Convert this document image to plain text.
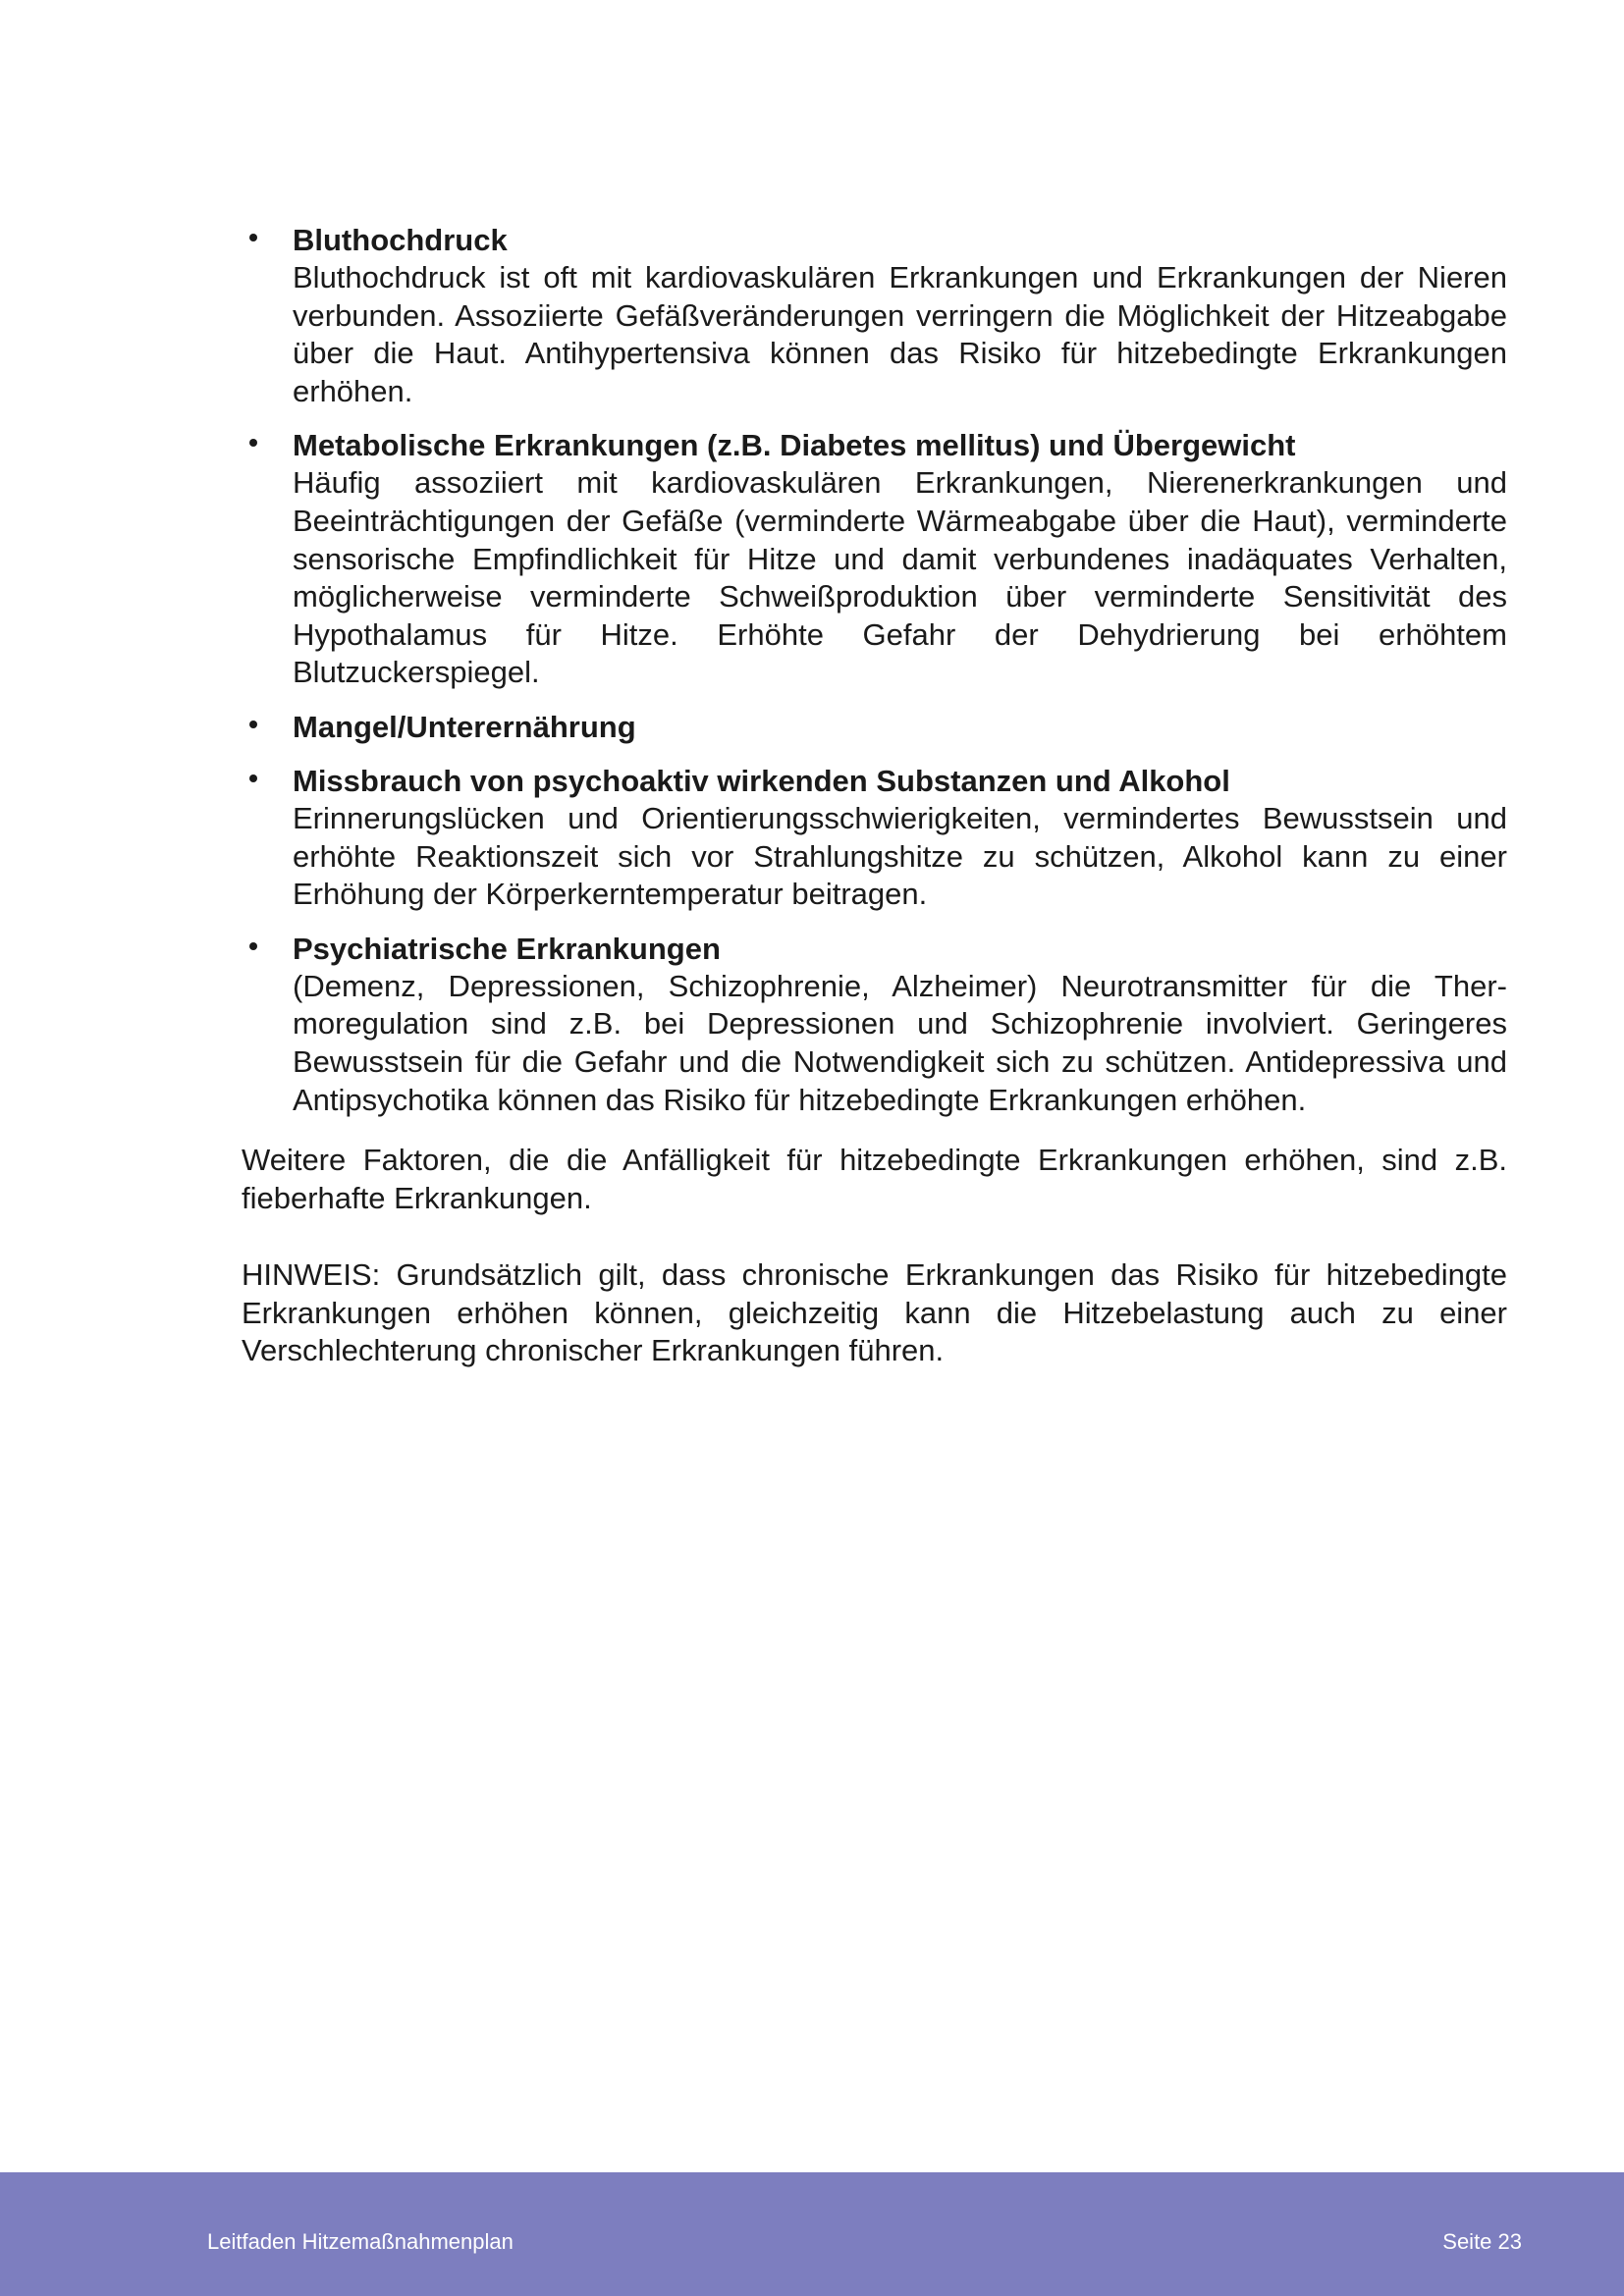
Bluthochdruck

Bluthochdruck ist oft mit kardiovaskulären Erkrankungen und Erkrankungen der Nieren verbunden. Assoziierte Gefäßveränderungen verringern die Möglichkeit der Hitzeabgabe über die Haut. Antihypertensiva können das Risiko für hitzebedingte Erkrankungen erhöhen.

Metabolische Erkrankungen (z.B. Diabetes mellitus) und Übergewicht

Häufig assoziiert mit kardiovaskulären Erkrankungen, Nierenerkrankungen und Beeinträchtigungen der Gefäße (verminderte Wärmeabgabe über die Haut), verminderte sensorische Empfindlichkeit für Hitze und damit verbundenes inadäquates Verhalten, möglicherweise verminderte Schweißproduktion über verminderte Sensitivität des Hypothalamus für Hitze. Erhöhte Gefahr der Dehydrierung bei erhöhtem Blutzuckerspiegel.

Mangel/Unterernährung

Missbrauch von psychoaktiv wirkenden Substanzen und Alkohol

Erinnerungslücken und Orientierungsschwierigkeiten, vermindertes Bewusstsein und erhöhte Reaktionszeit sich vor Strahlungshitze zu schützen, Alkohol kann zu einer Erhöhung der Körperkerntemperatur beitragen.

Psychiatrische Erkrankungen

(Demenz, Depressionen, Schizophrenie, Alzheimer) Neurotransmitter für die Thermoregulation sind z.B. bei Depressionen und Schizophrenie involviert. Geringeres Bewusstsein für die Gefahr und die Notwendigkeit sich zu schützen. Antidepressiva und Antipsychotika können das Risiko für hitzebedingte Erkrankungen erhöhen.

Weitere Faktoren, die die Anfälligkeit für hitzebedingte Erkrankungen erhöhen, sind z.B. fieberhafte Erkrankungen.

HINWEIS: Grundsätzlich gilt, dass chronische Erkrankungen das Risiko für hitzebedingte Erkrankungen erhöhen können, gleichzeitig kann die Hitzebelastung auch zu einer Verschlechterung chronischer Erkrankungen führen.

Leitfaden Hitzemaßnahmenplan	Seite 23
